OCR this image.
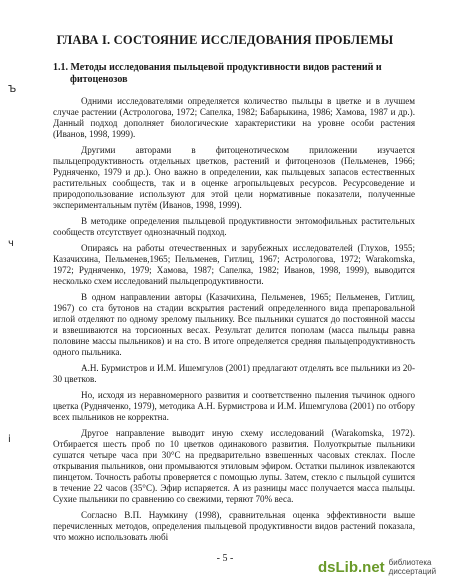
ГЛАВА I. СОСТОЯНИЕ ИССЛЕДОВАНИЯ ПРОБЛЕМЫ
1.1. Методы исследования пыльцевой продуктивности видов растений и
фитоценозов
Ъ
ч
і

Одними исследователями определяется количество пыльцы в цветке и в лучшем случае растении (Астрологова, 1972; Сапелка, 1982; Бабарыкина, 1986; Хамова, 1987 и др.). Данный подход дополняет биологические характеристики на уровне особи растения (Иванов, 1998, 1999).

Другими авторами в фитоценотическом приложении изучается пыльцепродуктивность отдельных цветков, растений и фитоценозов (Пельменев, 1966; Рудняченко, 1979 и др.). Оно важно в определении, как пыльцевых запасов естественных растительных сообществ, так и в оценке агропыльцевых ресурсов. Ресурсоведение и природопользование используют для этой цели нормативные показатели, полученные экспериментальным путём (Иванов, 1998, 1999).

В методике определения пыльцевой продуктивности энтомофильных растительных сообществ отсутствует однозначный подход.

Опираясь на работы отечественных и зарубежных исследователей (Глухов, 1955; Казачихина, Пельменев,1965; Пельменев, Гитлиц, 1967; Астрологова, 1972; Warakomska, 1972; Рудняченко, 1979; Хамова, 1987; Сапелка, 1982; Иванов, 1998, 1999), выводится несколько схем исследований пыльцепродуктивности.

В одном направлении авторы (Казачихина, Пельменев, 1965; Пельменев, Гитлиц, 1967) со ста бутонов на стадии вскрытия растений определенного вида препаровальной иглой отделяют по одному зрелому пыльнику. Все пыльники сушатся до постоянной массы и взвешиваются на торсионных весах. Результат делится пополам (масса пыльцы равна половине массы пыльников) и на сто. В итоге определяется средняя пыльцепродуктивность одного пыльника.

А.Н. Бурмистров и И.М. Ишемгулов (2001) предлагают отделять все пыльники из 20-30 цветков.

Но, исходя из неравномерного развития и соответственно пыления тычинок одного цветка (Рудняченко, 1979), методика А.Н. Бурмистрова и И.М. Ишемгулова (2001) по отбору всех пыльников не корректна.

Другое направление выводит иную схему исследований (Warakomska, 1972). Отбирается шесть проб по 10 цветков одинакового развития. Полуоткрытые пыльники сушатся четыре часа при 30°С на предварительно взвешенных часовых стеклах. После открывания пыльников, они промываются этиловым эфиром. Остатки пылинок извлекаются пинцетом. Точность работы проверяется с помощью лупы. Затем, стекло с пыльцой сушится в течение 22 часов (35°С). Эфир испаряется. А из разницы масс получается масса пыльцы. Сухие пыльники по сравнению со свежими, теряют 70% веса.

Согласно В.П. Наумкину (1998), сравнительная оценка эффективности выше перечисленных методов, определения пыльцевой продуктивности видов растений показала, что можно использовать любі

- 5 -	dsLib.net библиотека диссертаций
